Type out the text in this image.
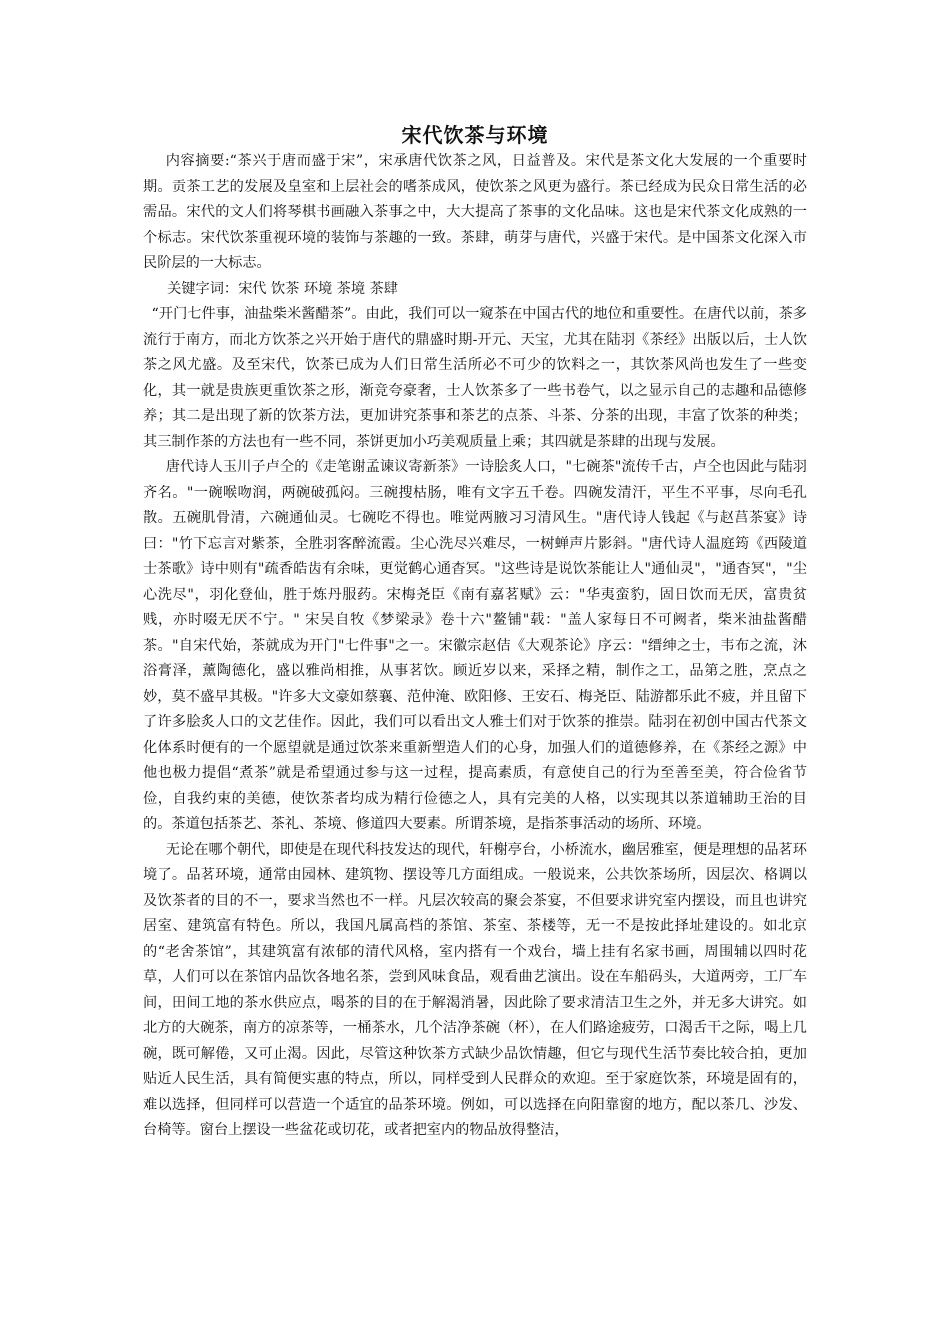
宋代饮茶与环境

内容摘要:“茶兴于唐而盛于宋”，宋承唐代饮茶之风，日益普及。宋代是茶文化大发展的一个重要时期。贡茶工艺的发展及皇室和上层社会的嗜茶成风，使饮茶之风更为盛行。茶已经成为民众日常生活的必需品。宋代的文人们将琴棋书画融入茶事之中，大大提高了茶事的文化品味。这也是宋代茶文化成熟的一个标志。宋代饮茶重视环境的装饰与茶趣的一致。茶肆，萌芽与唐代，兴盛于宋代。是中国茶文化深入市民阶层的一大标志。

关键字词：宋代 饮茶 环境 茶境 茶肆

“开门七件事，油盐柴米酱醋茶”。由此，我们可以一窥茶在中国古代的地位和重要性。在唐代以前，茶多流行于南方，而北方饮茶之兴开始于唐代的鼎盛时期-开元、天宝，尤其在陆羽《茶经》出版以后，士人饮茶之风尤盛。及至宋代，饮茶已成为人们日常生活所必不可少的饮料之一，其饮茶风尚也发生了一些变化，其一就是贵族更重饮茶之形，渐竞夸豪奢，士人饮茶多了一些书卷气，以之显示自己的志趣和品德修养；其二是出现了新的饮茶方法，更加讲究茶事和茶艺的点茶、斗茶、分茶的出现，丰富了饮茶的种类；其三制作茶的方法也有一些不同，茶饼更加小巧美观质量上乘；其四就是茶肆的出现与发展。

唐代诗人玉川子卢仝的《走笔谢孟谏议寄新茶》一诗脍炙人口，"七碗茶"流传千古，卢仝也因此与陆羽齐名。"一碗喉吻润，两碗破孤闷。三碗搜枯肠，唯有文字五千卷。四碗发清汗，平生不平事，尽向毛孔散。五碗肌骨清，六碗通仙灵。七碗吃不得也。唯觉两腋习习清风生。"唐代诗人钱起《与赵莒茶宴》诗曰："竹下忘言对紫茶，全胜羽客醉流霞。尘心洗尽兴难尽，一树蝉声片影斜。"唐代诗人温庭筠《西陵道士茶歌》诗中则有"疏香皓齿有余味，更觉鹤心通杳冥。"这些诗是说饮茶能让人"通仙灵"，"通杳冥"，"尘心洗尽"，羽化登仙，胜于炼丹服药。宋梅尧臣《南有嘉茗赋》云："华夷蛮豹，固日饮而无厌，富贵贫贱，亦时啜无厌不宁。" 宋吴自牧《梦梁录》卷十六"鳌铺"载："盖人家每日不可阙者，柴米油盐酱醋茶。"自宋代始，茶就成为开门"七件事"之一。宋徽宗赵佶《大观茶论》序云："缙绅之士，韦布之流，沐浴膏泽，薰陶德化，盛以雅尚相推，从事茗饮。顾近岁以来，采择之精，制作之工，品第之胜，烹点之妙，莫不盛早其极。"许多大文豪如蔡襄、范仲淹、欧阳修、王安石、梅尧臣、陆游都乐此不疲，并且留下了许多脍炙人口的文艺佳作。因此，我们可以看出文人雅士们对于饮茶的推崇。陆羽在初创中国古代茶文化体系时便有的一个愿望就是通过饮茶来重新塑造人们的心身，加强人们的道德修养，在《茶经之源》中他也极力提倡“煮茶”就是希望通过参与这一过程，提高素质，有意使自己的行为至善至美，符合俭省节俭，自我约束的美德，使饮茶者均成为精行俭德之人，具有完美的人格，以实现其以茶道辅助王治的目的。茶道包括茶艺、茶礼、茶境、修道四大要素。所谓茶境，是指茶事活动的场所、环境。

无论在哪个朝代，即使是在现代科技发达的现代，轩榭亭台，小桥流水，幽居雅室，便是理想的品茗环境了。品茗环境，通常由园林、建筑物、摆设等几方面组成。一般说来，公共饮茶场所，因层次、格调以及饮茶者的目的不一，要求当然也不一样。凡层次较高的聚会茶宴，不但要求讲究室内摆设，而且也讲究居室、建筑富有特色。所以，我国凡属高档的茶馆、茶室、茶楼等，无一不是按此择址建设的。如北京的“老舍茶馆”，其建筑富有浓郁的清代风格，室内搭有一个戏台，墙上挂有名家书画，周围辅以四时花草，人们可以在茶馆内品饮各地名茶，尝到风味食品，观看曲艺演出。设在车船码头，大道两旁，工厂车间，田间工地的茶水供应点，喝茶的目的在于解渴消暑，因此除了要求清洁卫生之外，并无多大讲究。如北方的大碗茶，南方的凉茶等，一桶茶水，几个洁净茶碗（杯），在人们路途疲劳，口渴舌干之际，喝上几碗，既可解倦，又可止渴。因此，尽管这种饮茶方式缺少品饮情趣，但它与现代生活节奏比较合拍，更加贴近人民生活，具有简便实惠的特点，所以，同样受到人民群众的欢迎。至于家庭饮茶，环境是固有的，难以选择，但同样可以营造一个适宜的品茶环境。例如，可以选择在向阳靠窗的地方，配以茶几、沙发、台椅等。窗台上摆设一些盆花或切花，或者把室内的物品放得整洁，
